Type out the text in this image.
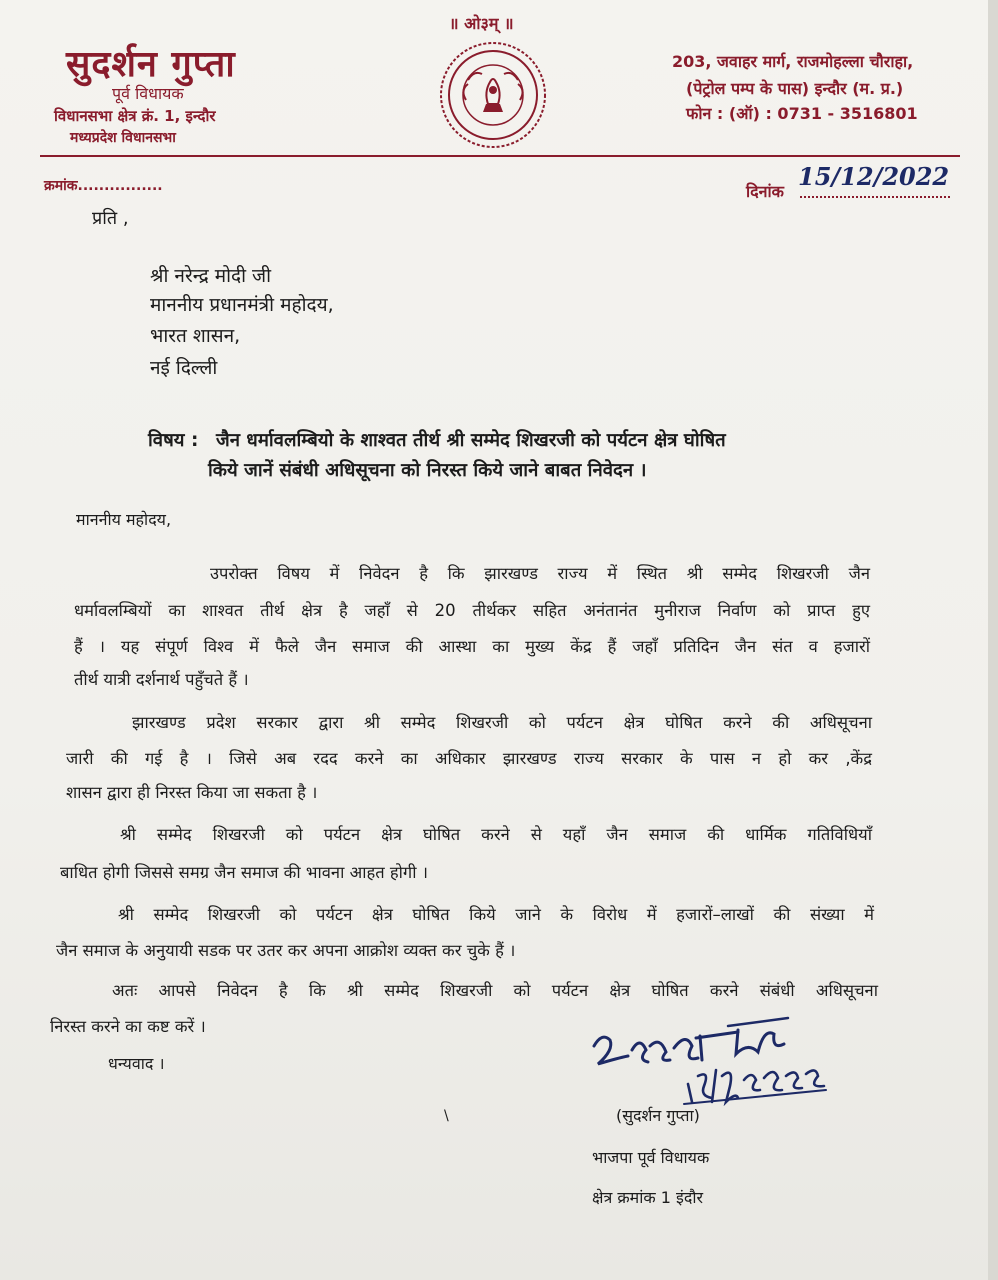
सुदर्शन गुप्ता
पूर्व विधायक
विधानसभा क्षेत्र क्रं. 1, इन्दौर
मध्यप्रदेश विधानसभा
॥ ओ३म् ॥
203, जवाहर मार्ग, राजमोहल्ला चौराहा,
(पेट्रोल पम्प के पास) इन्दौर (म. प्र.)
फोन : (ऑ) : 0731 - 3516801
क्रमांक................	दिनांक
15/12/2022
प्रति ,
श्री नरेन्द्र मोदी जी
माननीय प्रधानमंत्री महोदय,
भारत शासन,
नई दिल्ली
विषय : जैन धर्मावलम्बियो के शाश्वत तीर्थ श्री सम्मेद शिखरजी को पर्यटन क्षेत्र घोषित
किये जानें संबंधी अधिसूचना को निरस्त किये जाने बाबत निवेदन ।
माननीय महोदय,
उपरोक्त विषय में निवेदन है कि झारखण्ड राज्य में स्थित श्री सम्मेद शिखरजी जैन
धर्मावलम्बियों का शाश्वत तीर्थ क्षेत्र है जहाँ से 20 तीर्थकर सहित अनंतानंत मुनीराज निर्वाण को प्राप्त हुए
हैं । यह संपूर्ण विश्व में फैले जैन समाज की आस्था का मुख्य केंद्र हैं जहाँ प्रतिदिन जैन संत व हजारों
तीर्थ यात्री दर्शनार्थ पहुँचते हैं ।
झारखण्ड प्रदेश सरकार द्वारा श्री सम्मेद शिखरजी को पर्यटन क्षेत्र घोषित करने की अधिसूचना
जारी की गई है । जिसे अब रदद करने का अधिकार झारखण्ड राज्य सरकार के पास न हो कर ,केंद्र
शासन द्वारा ही निरस्त किया जा सकता है ।
श्री सम्मेद शिखरजी को पर्यटन क्षेत्र घोषित करने से यहाँ जैन समाज की धार्मिक गतिविधियाँ
बाधित होगी जिससे समग्र जैन समाज की भावना आहत होगी ।
श्री सम्मेद शिखरजी को पर्यटन क्षेत्र घोषित किये जाने के विरोध में हजारों–लाखों की संख्या में
जैन समाज के अनुयायी सडक पर उतर कर अपना आक्रोश व्यक्त कर चुके हैं ।
अतः आपसे निवेदन है कि श्री सम्मेद शिखरजी को पर्यटन क्षेत्र घोषित करने संबंधी अधिसूचना
निरस्त करने का कष्ट करें ।
धन्यवाद ।
\	(सुदर्शन गुप्ता)
भाजपा पूर्व विधायक
क्षेत्र क्रमांक 1 इंदौर
